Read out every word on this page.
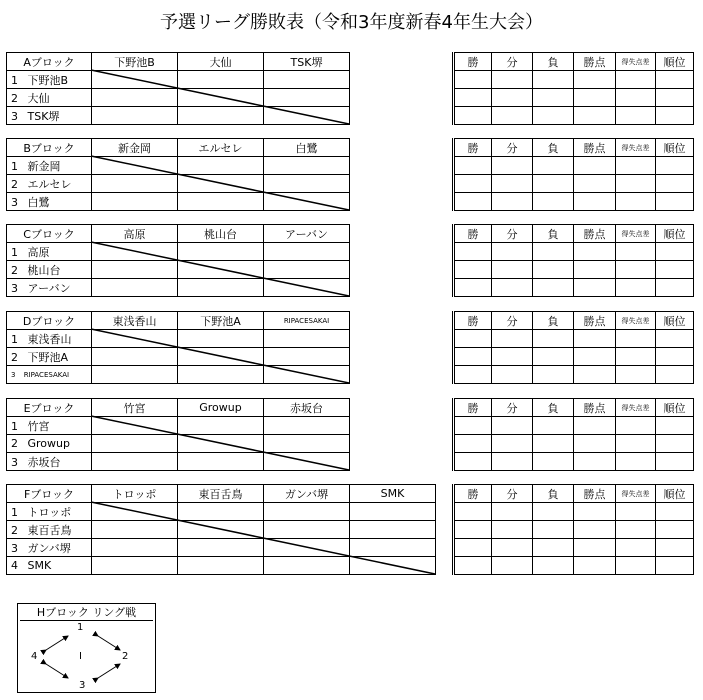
予選リーグ勝敗表（令和3年度新春4年生大会）
Aブロック	下野池B	大仙	TSK堺
1 下野池B			
2 大仙			
3 TSK堺			
勝	分	負	勝点	得失点差	順位

Bブロック	新金岡	エルセレ	白鷺
1 新金岡			
2 エルセレ			
3 白鷺			
勝	分	負	勝点	得失点差	順位

Cブロック	高原	桃山台	アーバン
1 高原			
2 桃山台			
3 アーバン			
勝	分	負	勝点	得失点差	順位

Dブロック	東浅香山	下野池A	RIPACESAKAI
1 東浅香山			
2 下野池A			
3 RIPACESAKAI			
勝	分	負	勝点	得失点差	順位

Eブロック	竹宮	Growup	赤坂台
1 竹宮			
2 Growup			
3 赤坂台			
勝	分	負	勝点	得失点差	順位

Fブロック	トロッポ	東百舌鳥	ガンバ堺	SMK
1 トロッポ				
2 東百舌鳥				
3 ガンバ堺				
4 SMK				
勝	分	負	勝点	得失点差	順位

Hブロック リング戦
1
2
3
4	I
